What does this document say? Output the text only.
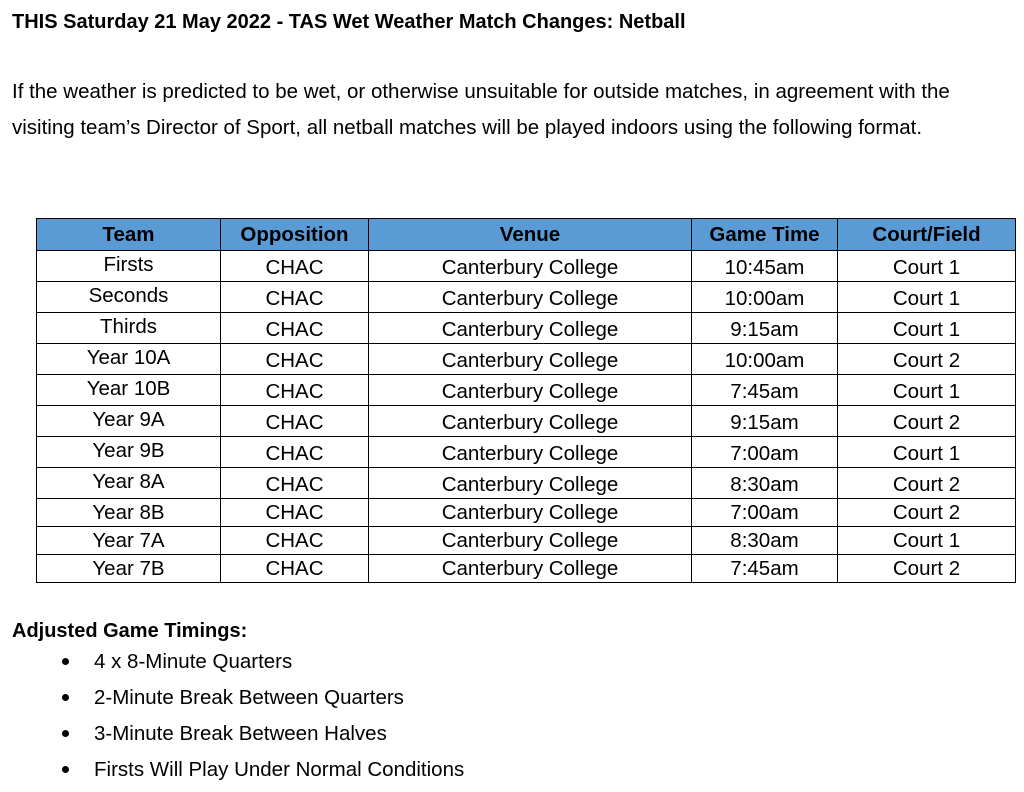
THIS Saturday 21 May 2022 - TAS Wet Weather Match Changes: Netball
If the weather is predicted to be wet, or otherwise unsuitable for outside matches, in agreement with the visiting team’s Director of Sport, all netball matches will be played indoors using the following format.
Team	Opposition	Venue	Game Time	Court/Field
Firsts	CHAC	Canterbury College	10:45am	Court 1
Seconds	CHAC	Canterbury College	10:00am	Court 1
Thirds	CHAC	Canterbury College	9:15am	Court 1
Year 10A	CHAC	Canterbury College	10:00am	Court 2
Year 10B	CHAC	Canterbury College	7:45am	Court 1
Year 9A	CHAC	Canterbury College	9:15am	Court 2
Year 9B	CHAC	Canterbury College	7:00am	Court 1
Year 8A	CHAC	Canterbury College	8:30am	Court 2
Year 8B	CHAC	Canterbury College	7:00am	Court 2
Year 7A	CHAC	Canterbury College	8:30am	Court 1
Year 7B	CHAC	Canterbury College	7:45am	Court 2
Adjusted Game Timings:
4 x 8-Minute Quarters
2-Minute Break Between Quarters
3-Minute Break Between Halves
Firsts Will Play Under Normal Conditions
